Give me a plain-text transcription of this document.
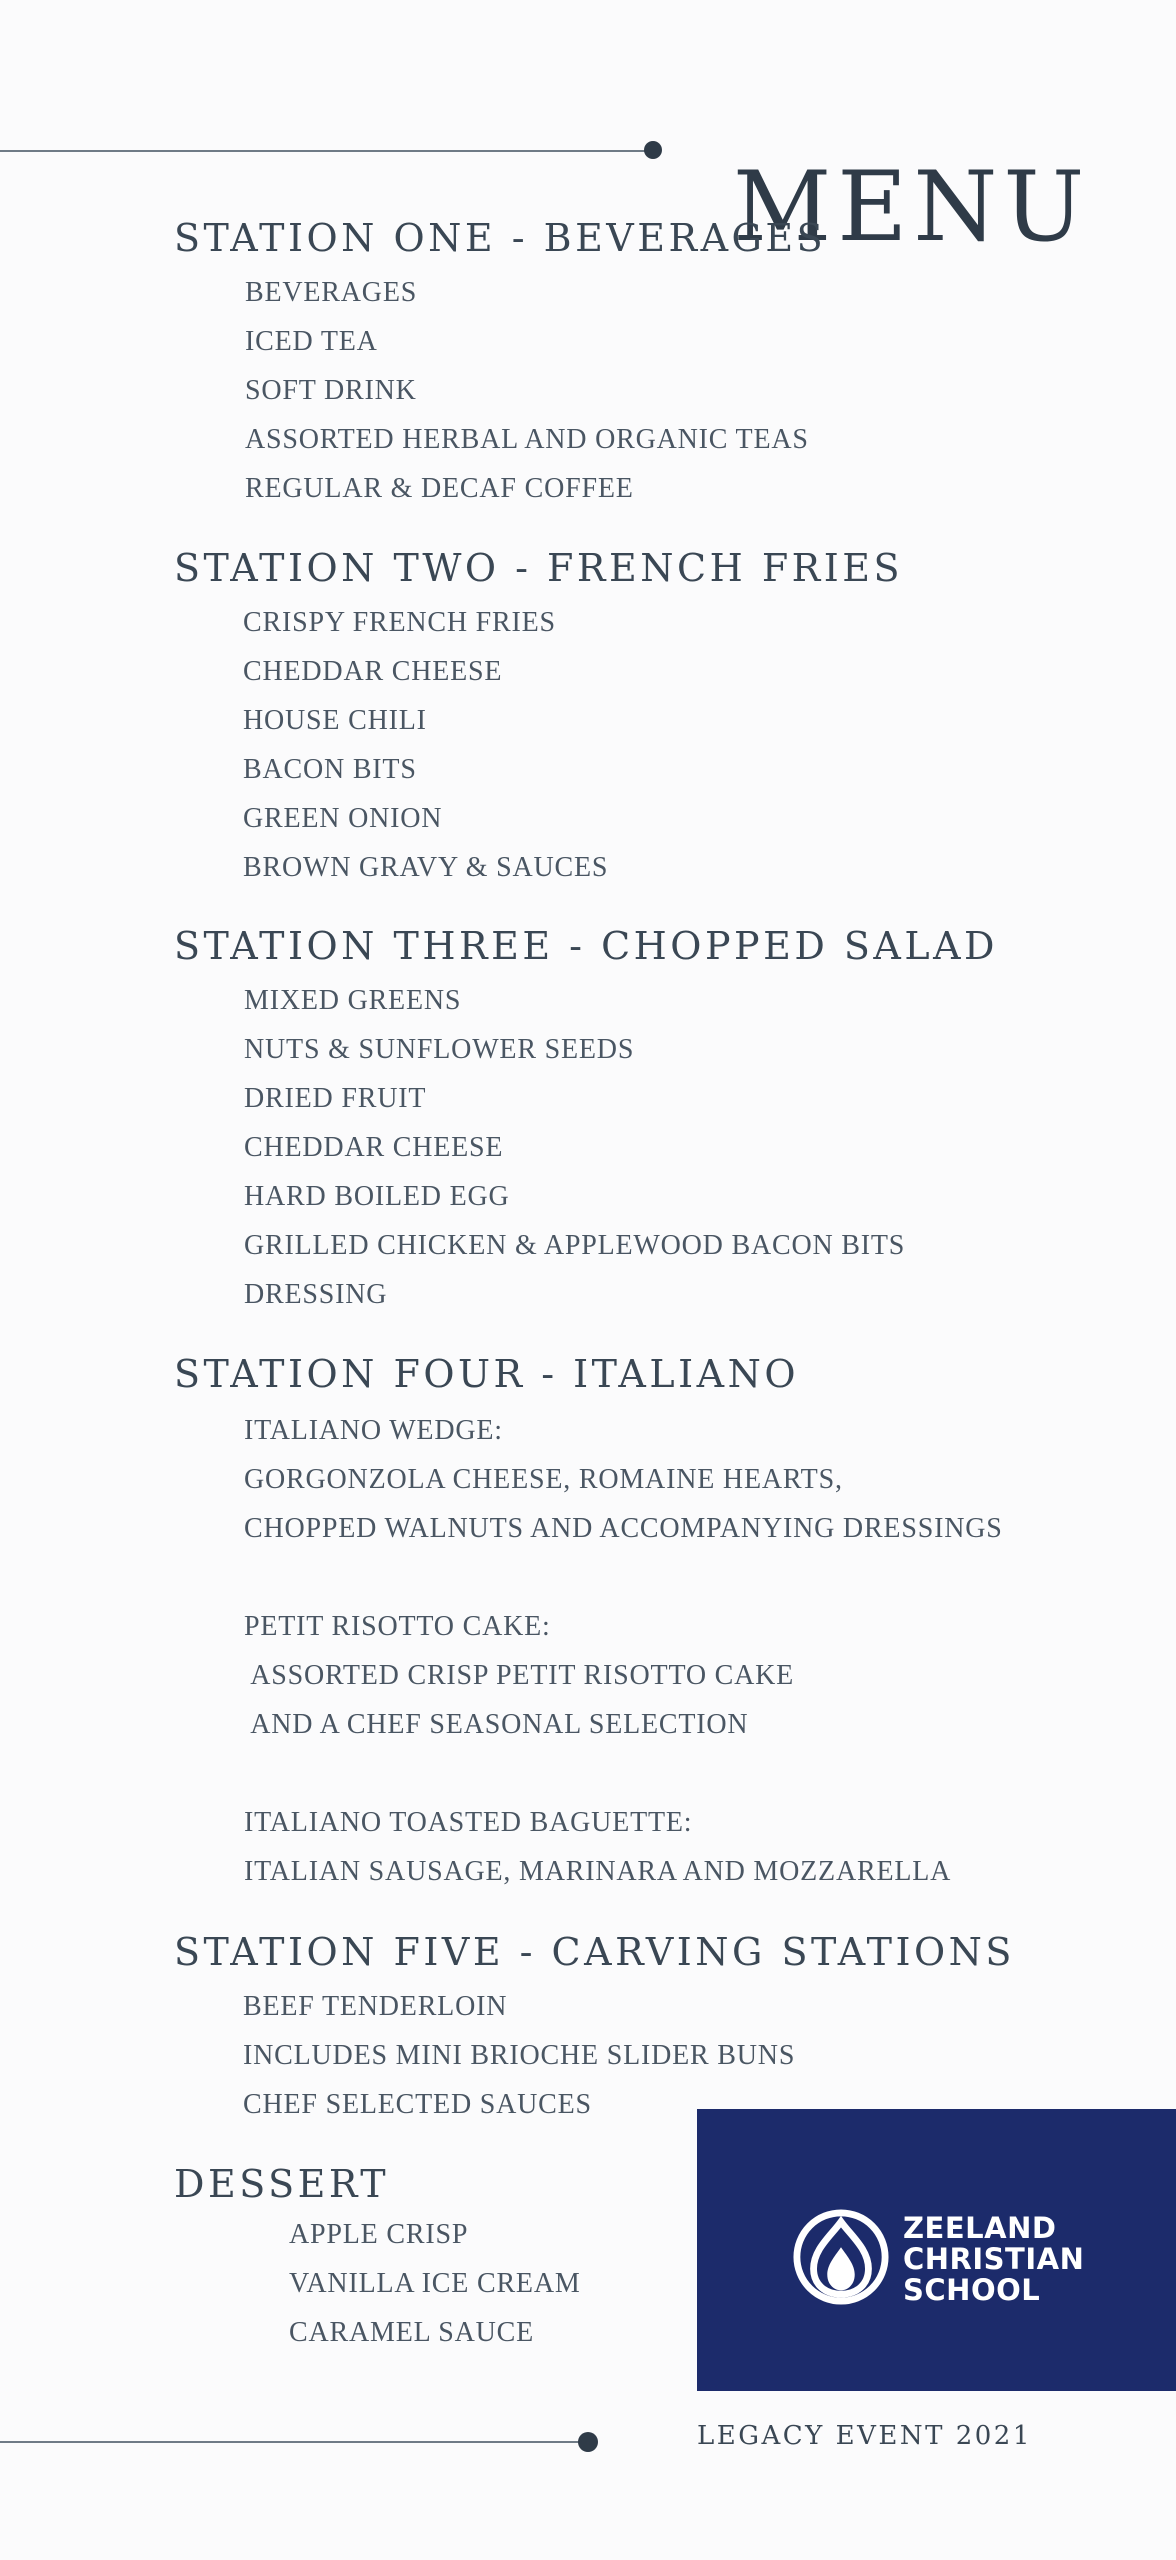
MENU
STATION ONE - BEVERAGES
BEVERAGES
ICED TEA
SOFT DRINK
ASSORTED HERBAL AND ORGANIC TEAS
REGULAR & DECAF COFFEE
STATION TWO - FRENCH FRIES
CRISPY FRENCH FRIES
CHEDDAR CHEESE
HOUSE CHILI
BACON BITS
GREEN ONION
BROWN GRAVY & SAUCES
STATION THREE - CHOPPED SALAD
MIXED GREENS
NUTS & SUNFLOWER SEEDS
DRIED FRUIT
CHEDDAR CHEESE
HARD BOILED EGG
GRILLED CHICKEN & APPLEWOOD BACON BITS
DRESSING
STATION FOUR - ITALIANO
ITALIANO WEDGE:
GORGONZOLA CHEESE, ROMAINE HEARTS,
CHOPPED WALNUTS AND ACCOMPANYING DRESSINGS
PETIT RISOTTO CAKE:
ASSORTED CRISP PETIT RISOTTO CAKE
AND A CHEF SEASONAL SELECTION
ITALIANO TOASTED BAGUETTE:
ITALIAN SAUSAGE, MARINARA AND MOZZARELLA
STATION FIVE - CARVING STATIONS
BEEF TENDERLOIN
INCLUDES MINI BRIOCHE SLIDER BUNS
CHEF SELECTED SAUCES
DESSERT
APPLE CRISP
VANILLA ICE CREAM
CARAMEL SAUCE
ZEELAND
CHRISTIAN
SCHOOL
LEGACY EVENT 2021
